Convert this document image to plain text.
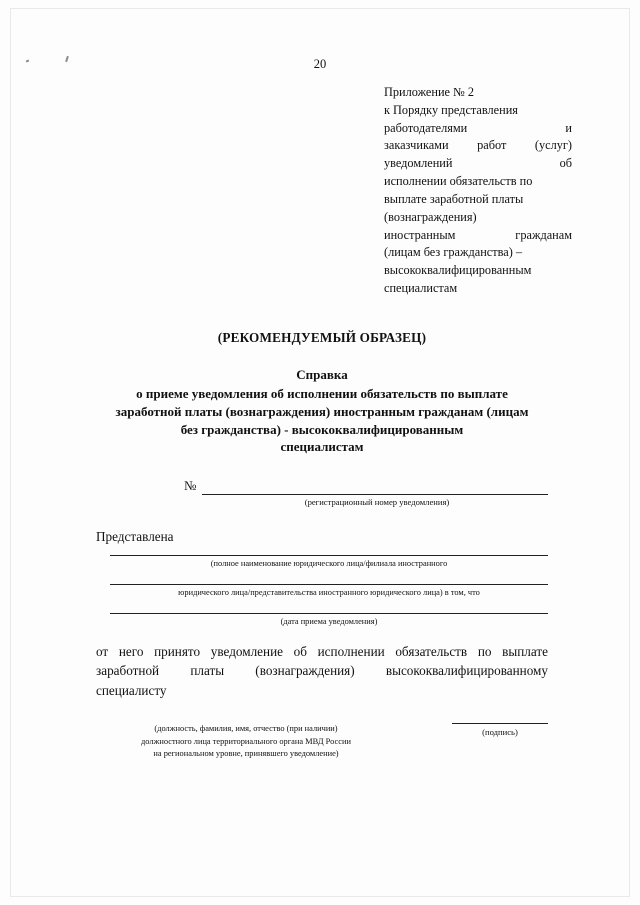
20
Приложение № 2
к Порядку представления
работодателями и
заказчиками работ (услуг)
уведомлений об
исполнении обязательств по
выплате заработной платы
(вознаграждения)
иностранным гражданам
(лицам без гражданства) –
высококвалифицированным
специалистам
(РЕКОМЕНДУЕМЫЙ ОБРАЗЕЦ)
Справка
о приеме уведомления об исполнении обязательств по выплате
заработной платы (вознаграждения) иностранным гражданам (лицам
без гражданства) - высококвалифицированным
специалистам
№
(регистрационный номер уведомления)
Представлена
(полное наименование юридического лица/филиала иностранного
юридического лица/представительства иностранного юридического лица) в том, что
(дата приема уведомления)
от него принято уведомление об исполнении обязательств по выплате
заработной платы (вознаграждения) высококвалифицированному
специалисту
(должность, фамилия, имя, отчество (при наличии)
должностного лица территориального органа МВД России
на региональном уровне, принявшего уведомление)
(подпись)
